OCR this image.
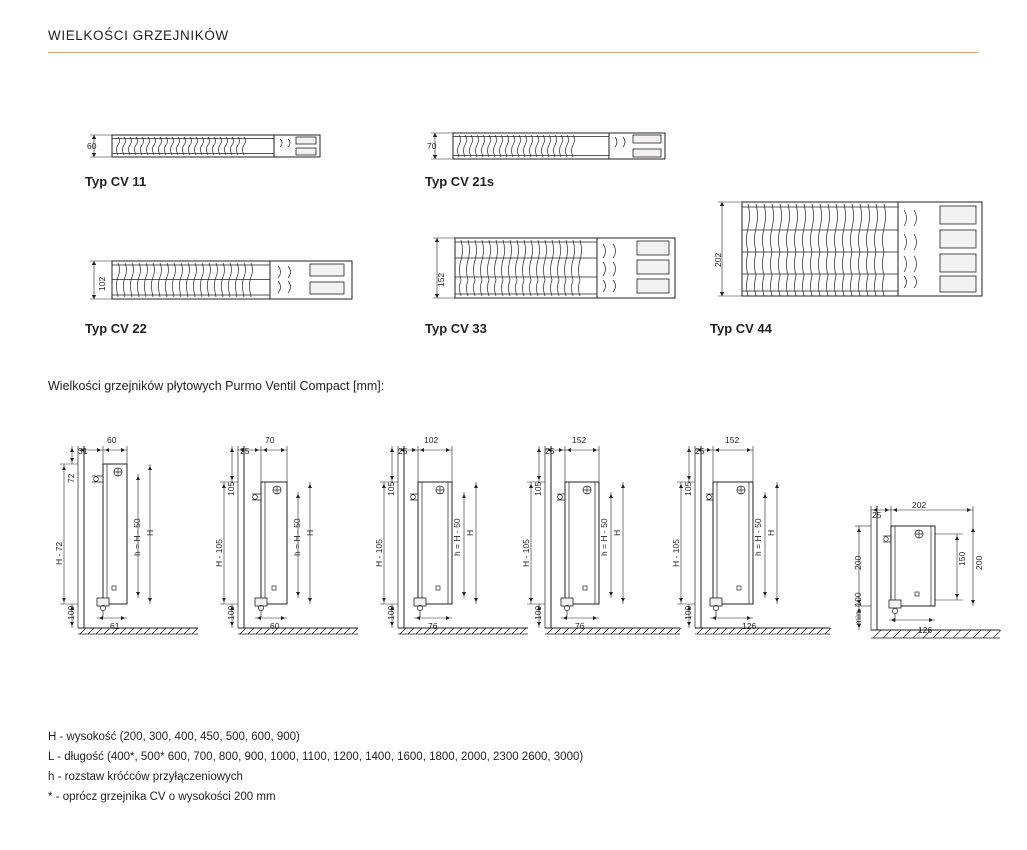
WIELKOŚCI GRZEJNIKÓW
60
Typ CV 11
70
Typ CV 21s
102
Typ CV 22
152
Typ CV 33
202
Typ CV 44
Wielkości grzejników płytowych Purmo Ventil Compact [mm]:
31
60
72
H - 72
100
h = H - 50 H
61
25
70
105
H - 105
100
h = H - 50 H
60
25
102
105
H - 105
100
h = H - 50 H
76
25
152
105
H - 105
100
h = H - 50 H
76
25
152
105
H - 105
100
h = H - 50 H
126
25
202
200
min. 100
150 200
126
H - wysokość (200, 300, 400, 450, 500, 600, 900)
L - długość (400*, 500* 600, 700, 800, 900, 1000, 1100, 1200, 1400, 1600, 1800, 2000, 2300 2600, 3000)
h - rozstaw króćców przyłączeniowych
* - oprócz grzejnika CV o wysokości 200 mm
